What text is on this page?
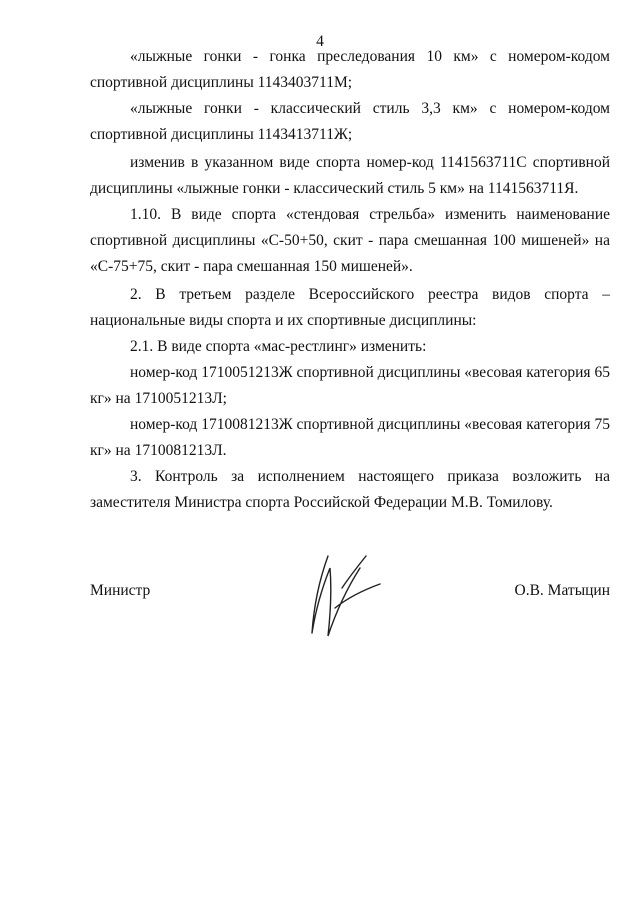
4

«лыжные гонки - гонка преследования 10 км» с номером-кодом спортивной дисциплины 1143403711М;

«лыжные гонки - классический стиль 3,3 км» с номером-кодом спортивной дисциплины 1143413711Ж;

изменив в указанном виде спорта номер-код 1141563711С спортивной дисциплины «лыжные гонки - классический стиль 5 км» на 1141563711Я.

1.10. В виде спорта «стендовая стрельба» изменить наименование спортивной дисциплины «С-50+50, скит - пара смешанная 100 мишеней» на «С-75+75, скит - пара смешанная 150 мишеней».

2. В третьем разделе Всероссийского реестра видов спорта – национальные виды спорта и их спортивные дисциплины:

2.1. В виде спорта «мас-рестлинг» изменить:

номер-код 1710051213Ж спортивной дисциплины «весовая категория 65 кг» на 1710051213Л;

номер-код 1710081213Ж спортивной дисциплины «весовая категория 75 кг» на 1710081213Л.

3. Контроль за исполнением настоящего приказа возложить на заместителя Министра спорта Российской Федерации М.В. Томилову.

Министр	О.В. Матыцин
